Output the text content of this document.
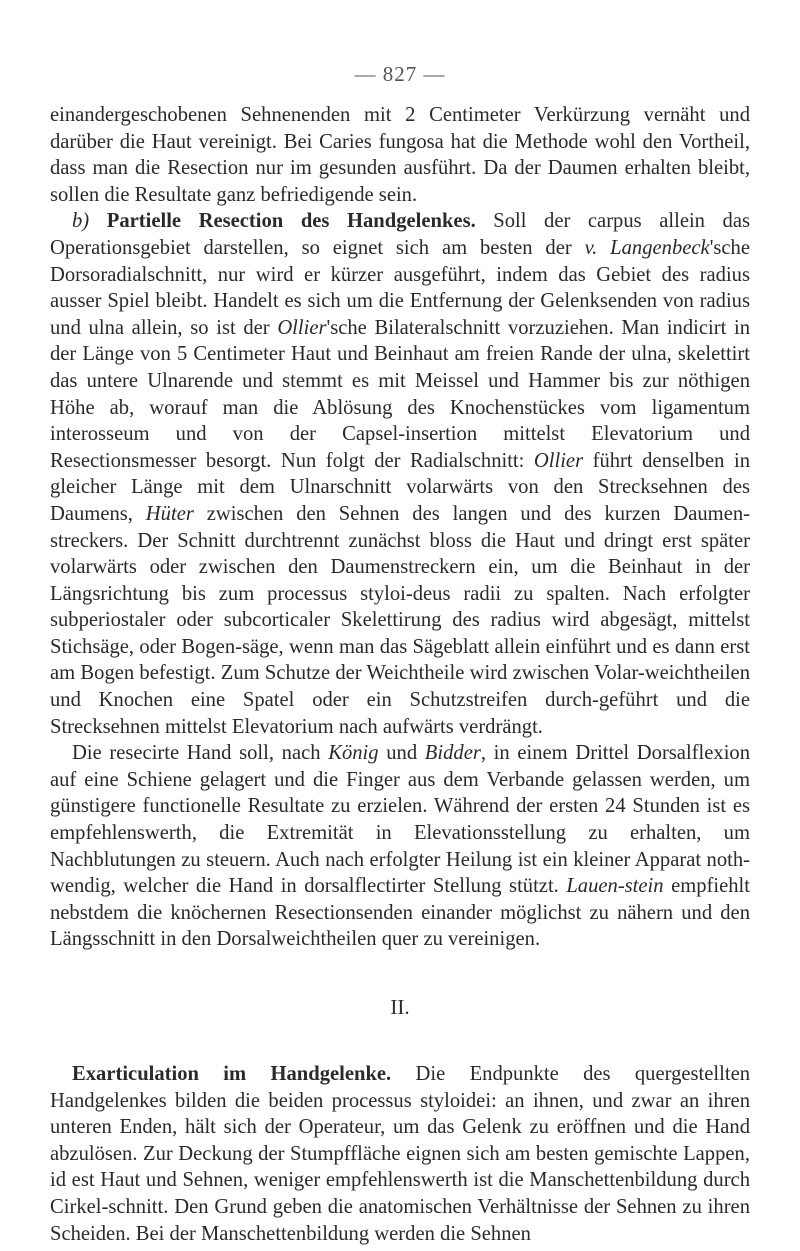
— 827 —

einandergeschobenen Sehnenenden mit 2 Centimeter Verkürzung vernäht und darüber die Haut vereinigt. Bei Caries fungosa hat die Methode wohl den Vortheil, dass man die Resection nur im gesunden ausführt. Da der Daumen erhalten bleibt, sollen die Resultate ganz befriedigende sein.

b) Partielle Resection des Handgelenkes. Soll der carpus allein das Operationsgebiet darstellen, so eignet sich am besten der v. Langenbeck'sche Dorsoradialschnitt, nur wird er kürzer ausgeführt, indem das Gebiet des radius ausser Spiel bleibt. Handelt es sich um die Entfernung der Gelenksenden von radius und ulna allein, so ist der Ollier'sche Bilateralschnitt vorzuziehen. Man indicirt in der Länge von 5 Centimeter Haut und Beinhaut am freien Rande der ulna, skelettirt das untere Ulnarende und stemmt es mit Meissel und Hammer bis zur nöthigen Höhe ab, worauf man die Ablösung des Knochenstückes vom ligamentum interosseum und von der Capsel-insertion mittelst Elevatorium und Resectionsmesser besorgt. Nun folgt der Radialschnitt: Ollier führt denselben in gleicher Länge mit dem Ulnarschnitt volarwärts von den Strecksehnen des Daumens, Hüter zwischen den Sehnen des langen und des kurzen Daumen-streckers. Der Schnitt durchtrennt zunächst bloss die Haut und dringt erst später volarwärts oder zwischen den Daumenstreckern ein, um die Beinhaut in der Längsrichtung bis zum processus styloi-deus radii zu spalten. Nach erfolgter subperiostaler oder subcorticaler Skelettirung des radius wird abgesägt, mittelst Stichsäge, oder Bogen-säge, wenn man das Sägeblatt allein einführt und es dann erst am Bogen befestigt. Zum Schutze der Weichtheile wird zwischen Volar-weichtheilen und Knochen eine Spatel oder ein Schutzstreifen durch-geführt und die Strecksehnen mittelst Elevatorium nach aufwärts verdrängt.

Die resecirte Hand soll, nach König und Bidder, in einem Drittel Dorsalflexion auf eine Schiene gelagert und die Finger aus dem Verbande gelassen werden, um günstigere functionelle Resultate zu erzielen. Während der ersten 24 Stunden ist es empfehlenswerth, die Extremität in Elevationsstellung zu erhalten, um Nachblutungen zu steuern. Auch nach erfolgter Heilung ist ein kleiner Apparat noth-wendig, welcher die Hand in dorsalflectirter Stellung stützt. Lauen-stein empfiehlt nebstdem die knöchernen Resectionsenden einander möglichst zu nähern und den Längsschnitt in den Dorsalweichtheilen quer zu vereinigen.

II.

Exarticulation im Handgelenke. Die Endpunkte des quergestellten Handgelenkes bilden die beiden processus styloidei: an ihnen, und zwar an ihren unteren Enden, hält sich der Operateur, um das Gelenk zu eröffnen und die Hand abzulösen. Zur Deckung der Stumpffläche eignen sich am besten gemischte Lappen, id est Haut und Sehnen, weniger empfehlenswerth ist die Manschettenbildung durch Cirkel-schnitt. Den Grund geben die anatomischen Verhältnisse der Sehnen zu ihren Scheiden. Bei der Manschettenbildung werden die Sehnen
